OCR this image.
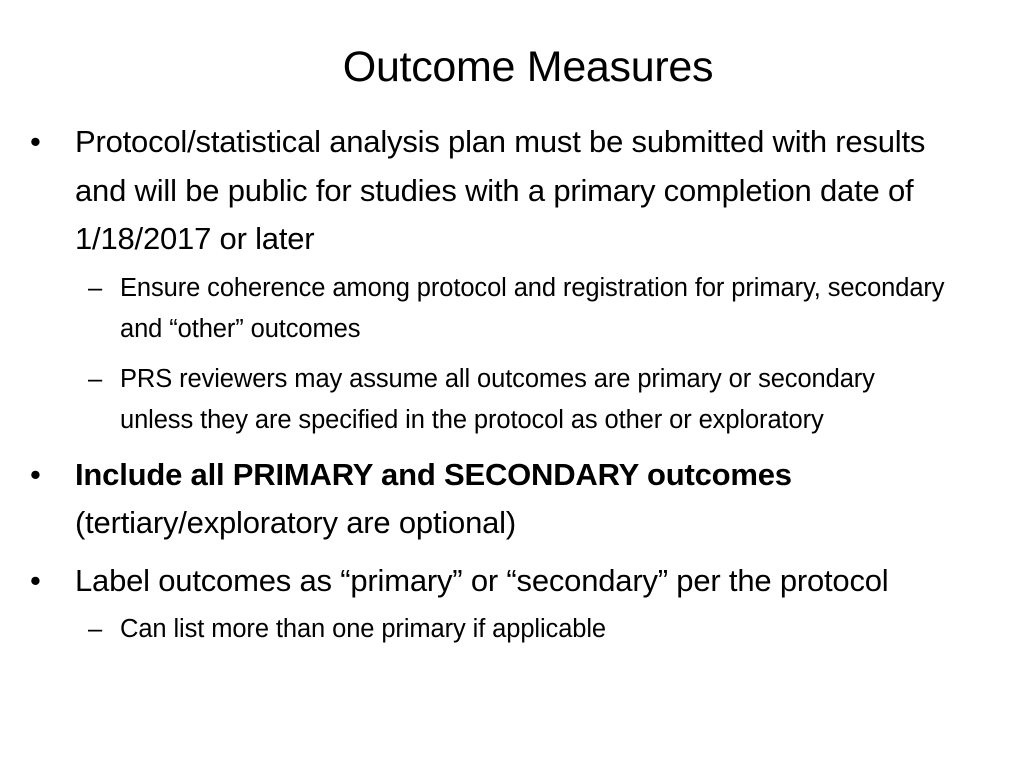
Outcome Measures
• Protocol/statistical analysis plan must be submitted with results and will be public for studies with a primary completion date of 1/18/2017 or later
– Ensure coherence among protocol and registration for primary, secondary and “other” outcomes
– PRS reviewers may assume all outcomes are primary or secondary unless they are specified in the protocol as other or exploratory
• Include all PRIMARY and SECONDARY outcomes (tertiary/exploratory are optional)
• Label outcomes as “primary” or “secondary” per the protocol
– Can list more than one primary if applicable
